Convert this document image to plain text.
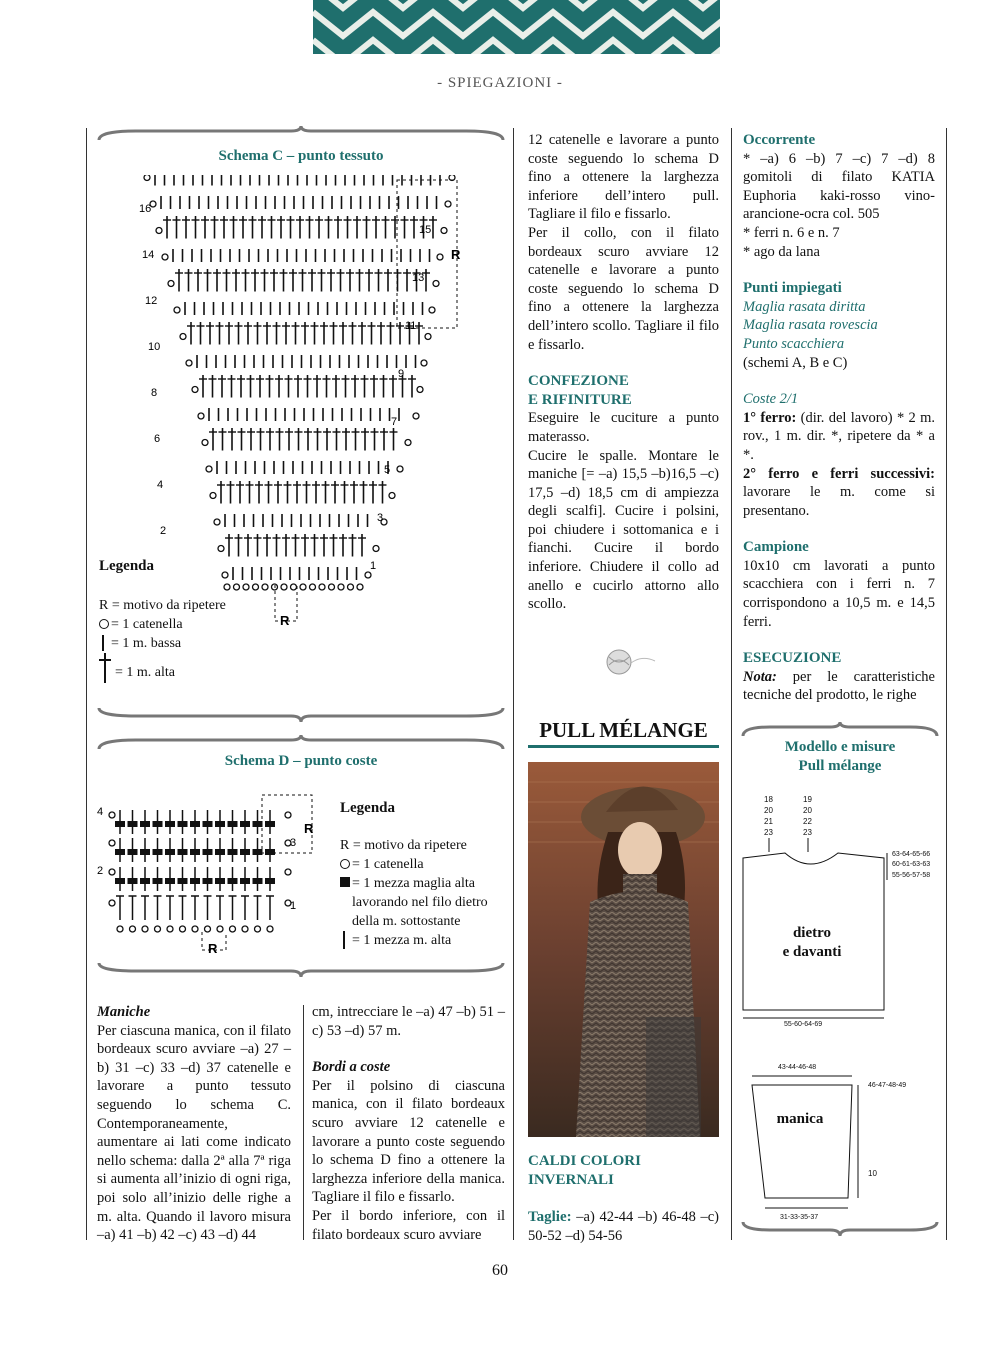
- SPIEGAZIONI -
Schema C – punto tessuto
R
R
16
14
12
10
8
6
4
2
15
13
11
9
7
5
3
1
Legenda
R = motivo da ripetere
= 1 catenella
= 1 m. bassa
= 1 m. alta
Schema D – punto coste
R
R
4
2
3
1
Legenda
R = motivo da ripetere
= 1 catenella
= 1 mezza maglia alta lavorando nel filo dietro della m. sottostante
= 1 mezza m. alta

Maniche

Per ciascuna manica, con il filato bordeaux scuro avviare –a) 27 –b) 31 –c) 33 –d) 37 catenelle e lavorare a punto tessuto seguendo lo schema C. Contemporaneamente, aumentare ai lati come indicato nello schema: dalla 2ª alla 7ª riga si aumenta all’inizio di ogni riga, poi solo all’inizio delle righe a m. alta. Quando il lavoro misura –a) 41 –b) 42 –c) 43 –d) 44

cm, intrecciare le –a) 47 –b) 51 –c) 53 –d) 57 m.

Bordi a coste

Per il polsino di ciascuna manica, con il filato bordeaux scuro avviare 12 catenelle e lavorare a punto coste seguendo lo schema D fino a ottenere la larghezza inferiore della manica. Tagliare il filo e fissarlo.

Per il bordo inferiore, con il filato bordeaux scuro avviare

12 catenelle e lavorare a punto coste seguendo lo schema D fino a ottenere la larghezza inferiore dell’intero pull. Tagliare il filo e fissarlo.

Per il collo, con il filato bordeaux scuro avviare 12 catenelle e lavorare a punto coste seguendo lo schema D fino a ottenere la larghezza dell’intero scollo. Tagliare il filo e fissarlo.

CONFEZIONE

E RIFINITURE

Eseguire le cuciture a punto materasso.

Cucire le spalle. Montare le maniche [= –a) 15,5 –b)16,5 –c) 17,5 –d) 18,5 cm di ampiezza degli scalfi]. Cucire i polsini, poi chiudere i sottomanica e i fianchi. Cucire il bordo inferiore. Chiudere il collo ad anello e cucirlo attorno allo scollo.

PULL MÉLANGE

CALDI COLORI

INVERNALI

Taglie: –a) 42-44 –b) 46-48 –c) 50-52 –d) 54-56

Occorrente

* –a) 6 –b) 7 –c) 7 –d) 8 gomitoli di filato KATIA Euphoria kaki-rosso vino-arancione-ocra col. 505

* ferri n. 6 e n. 7

* ago da lana

Punti impiegati

Maglia rasata diritta

Maglia rasata rovescia

Punto scacchiera

(schemi A, B e C)

Coste 2/1

1° ferro: (dir. del lavoro) * 2 m. rov., 1 m. dir. *, ripetere da * a *.

2° ferro e ferri successivi: lavorare le m. come si presentano.

Campione

10x10 cm lavorati a punto scacchiera con i ferri n. 7 corrispondono a 10,5 m. e 14,5 ferri.

ESECUZIONE

Nota: per le caratteristiche tecniche del prodotto, le righe

Modello e misure
Pull mélange
18
20
21
23
19
20
22
23
63-64-65-66
60-61-63-63
55-56-57-58
55-60-64-69
43-44-46-48
46-47-48-49
10
31-33-35-37
dietro
e davanti
manica
60
